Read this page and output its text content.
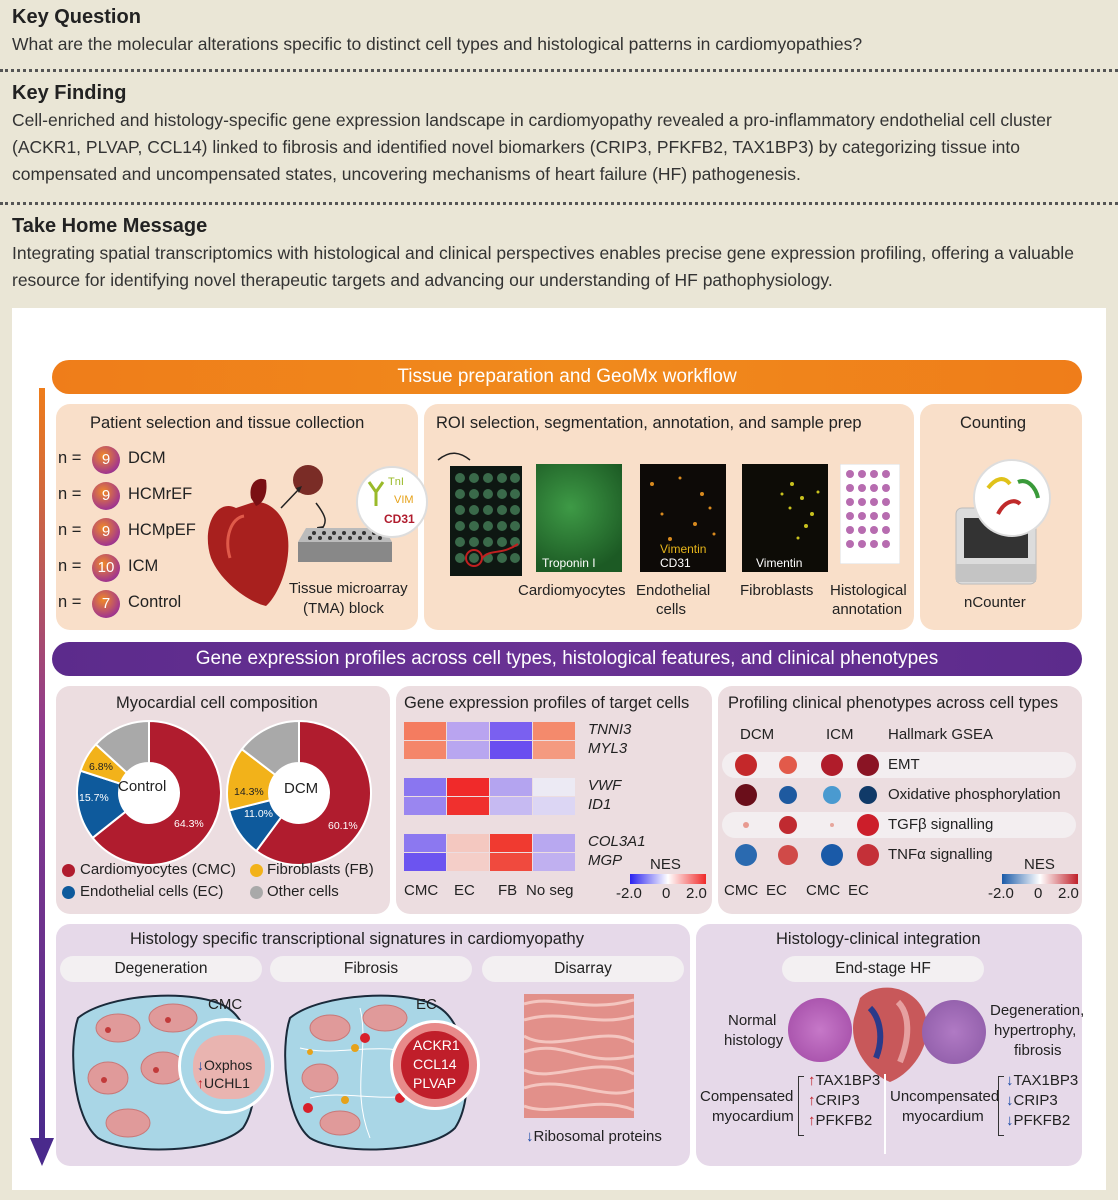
Key Question
What are the molecular alterations specific to distinct cell types and histological patterns in cardiomyopathies?
Key Finding
Cell-enriched and histology-specific gene expression landscape in cardiomyopathy revealed a pro-inflammatory endothelial cell cluster
(ACKR1, PLVAP, CCL14) linked to fibrosis and identified novel biomarkers (CRIP3, PFKFB2, TAX1BP3) by categorizing tissue into
compensated and uncompensated states, uncovering mechanisms of heart failure (HF) pathogenesis.
Take Home Message
Integrating spatial transcriptomics with histological and clinical perspectives enables precise gene expression profiling, offering a valuable
resource for identifying novel therapeutic targets and advancing our understanding of HF pathophysiology.
Tissue preparation and GeoMx workflow
Patient selection and tissue collection	ROI selection, segmentation, annotation, and sample prep	Counting
n =	9	DCM
n =	9	HCMrEF
n =	9	HCMpEF
n =	10 ICM
n =	7	Control
Tissue microarray
(TMA) block
TnI
VIM
CD31
Troponin I
Vimentin
CD31	Vimentin
Cardiomyocytes Endothelial
cells
Fibroblasts Histological
annotation	nCounter
Gene expression profiles across cell types, histological features, and clinical phenotypes
Myocardial cell composition	Gene expression profiles of target cells Profiling clinical phenotypes across cell types
Control
64.3%
15.7%
6.8%
DCM
60.1%
14.3%
11.0%
Cardiomyocytes (CMC) Fibroblasts (FB)
Endothelial cells (EC)	Other cells
TNNI3
MYL3
VWF
ID1
COL3A1
MGP
CMC EC FB No seg
NES
-2.0 0 2.0
DCM	ICM Hallmark GSEA
EMT
Oxidative phosphorylation
TGFβ signalling
TNFα signalling
CMC EC CMC EC
NES
-2.0 0 2.0
Histology specific transcriptional signatures in cardiomyopathy	Histology-clinical integration
Degeneration	Fibrosis	Disarray	End-stage HF
↓Oxphos
↑UCHL1
CMC
ACKR1
CCL14
PLVAP
EC
↓Ribosomal proteins
Normal
histology
Degeneration,
hypertrophy,
fibrosis
Compensated
myocardium
↑TAX1BP3
↑CRIP3
↑PFKFB2
Uncompensated
myocardium
↓TAX1BP3
↓CRIP3
↓PFKFB2
